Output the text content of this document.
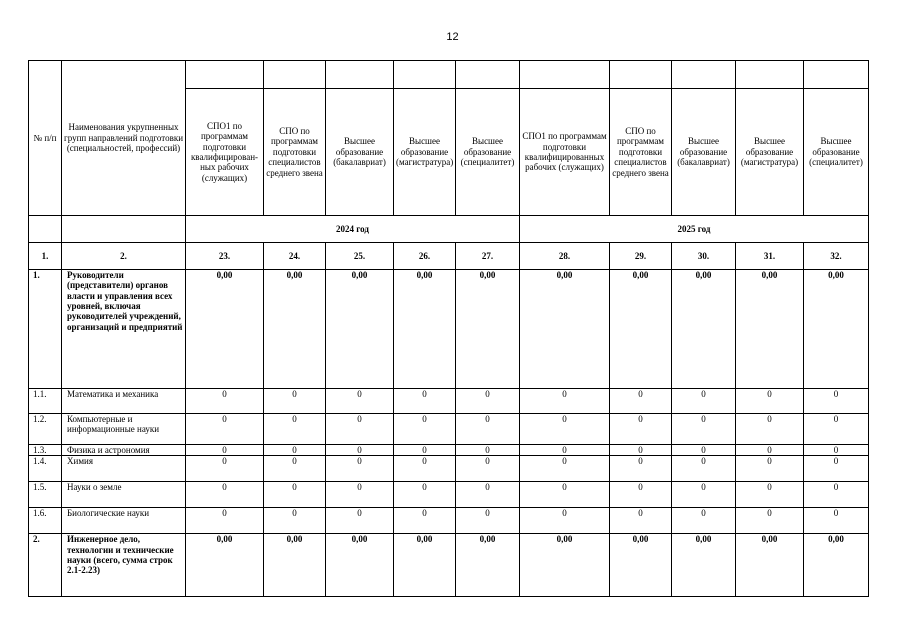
12
№ п/п	Наименования укрупненных групп направлений подготовки (специальностей, профессий)										
		СПО1 по программам подготовки квалифицирован-ных рабочих (служащих)	СПО по программам подготовки специалистов среднего звена	Высшее образование (бакалавриат)	Высшее образование (магистратура)	Высшее образование (специалитет)	СПО1 по программам подготовки квалифицированных рабочих (служащих)	СПО по программам подготовки специалистов среднего звена	Высшее образование (бакалавриат)	Высшее образование (магистратура)	Высшее образование (специалитет)
		2024 год					2025 год				
1.	2.	23.	24.	25.	26.	27.	28.	29.	30.	31.	32.
1.	Руководители (представители) органов власти и управления всех уровней, включая руководителей учреждений, организаций и предприятий	0,00	0,00	0,00	0,00	0,00	0,00	0,00	0,00	0,00	0,00
1.1.	Математика и механика	0	0	0	0	0	0	0	0	0	0
1.2.	Компьютерные и информационные науки	0	0	0	0	0	0	0	0	0	0
1.3.	Физика и астрономия	0	0	0	0	0	0	0	0	0	0
1.4.	Химия	0	0	0	0	0	0	0	0	0	0
1.5.	Науки о земле	0	0	0	0	0	0	0	0	0	0
1.6.	Биологические науки	0	0	0	0	0	0	0	0	0	0
2.	Инженерное дело, технологии и технические науки (всего, сумма строк 2.1-2.23)	0,00	0,00	0,00	0,00	0,00	0,00	0,00	0,00	0,00	0,00
